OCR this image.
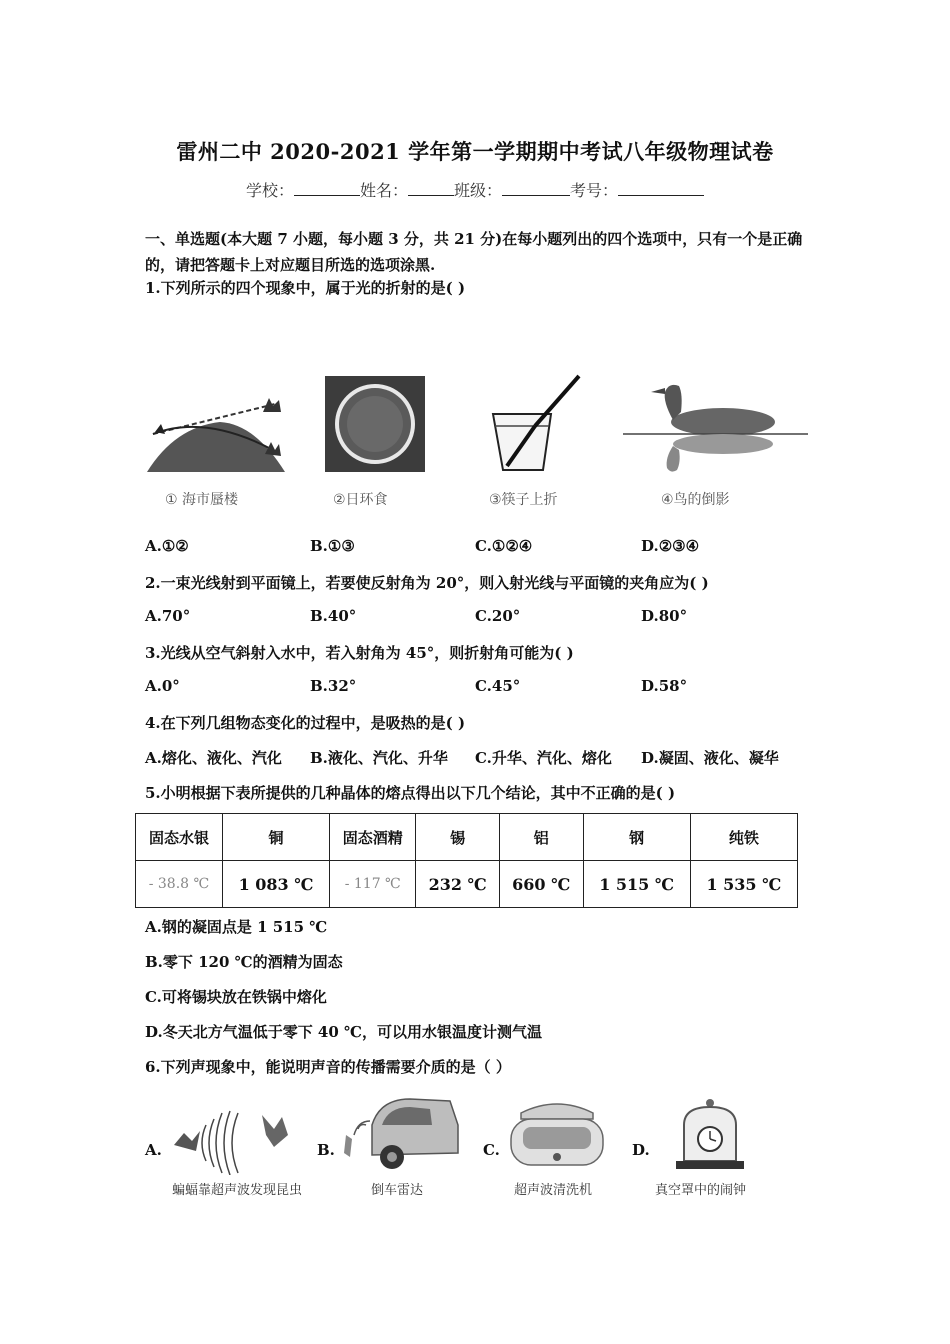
雷州二中 2020-2021 学年第一学期期中考试八年级物理试卷
学校：	姓名：	班级：	考号：
一、单选题(本大题 7 小题，每小题 3 分，共 21 分)在每小题列出的四个选项中，只有一个是正确的，请把答题卡上对应题目所选的选项涂黑.
1.下列所示的四个现象中，属于光的折射的是( )
① 海市蜃楼	②日环食	③筷子上折	④鸟的倒影
A.①②	B.①③	C.①②④	D.②③④
2.一束光线射到平面镜上，若要使反射角为 20°，则入射光线与平面镜的夹角应为( )
A.70°	B.40°	C.20°	D.80°
3.光线从空气斜射入水中，若入射角为 45°，则折射角可能为( )
A.0°	B.32°	C.45°	D.58°
4.在下列几组物态变化的过程中，是吸热的是( )
A.熔化、液化、汽化 B.液化、汽化、升华 C.升华、汽化、熔化 D.凝固、液化、凝华
5.小明根据下表所提供的几种晶体的熔点得出以下几个结论，其中不正确的是( )
固态水银	铜	固态酒精	锡	铝	钢	纯铁
- 38.8 ℃	1 083 ℃	- 117 ℃	232 ℃	660 ℃	1 515 ℃	1 535 ℃
A.钢的凝固点是 1 515 ℃
B.零下 120 ℃的酒精为固态
C.可将锡块放在铁锅中熔化
D.冬天北方气温低于零下 40 ℃，可以用水银温度计测气温
6.下列声现象中，能说明声音的传播需要介质的是（ ）
A.
蝙蝠靠超声波发现昆虫
B.
倒车雷达
C.
超声波清洗机
D.
真空罩中的闹钟
